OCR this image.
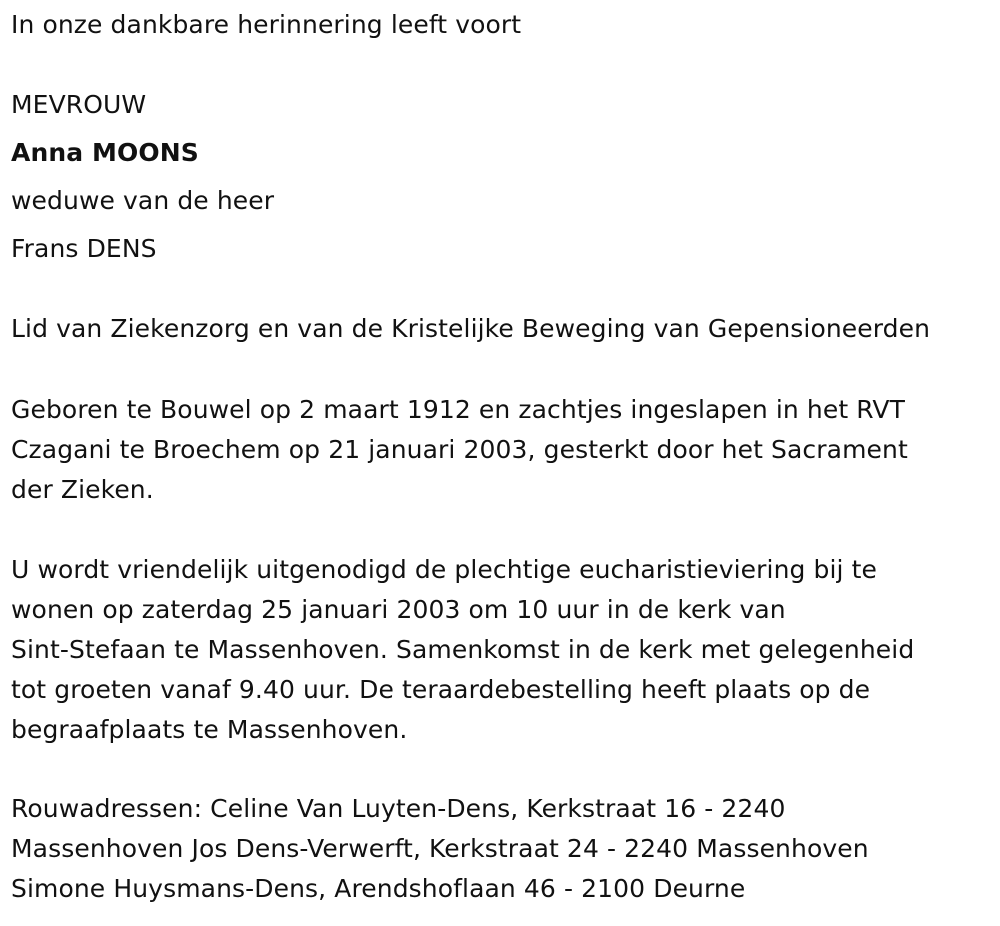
In onze dankbare herinnering leeft voort
MEVROUW
Anna MOONS
weduwe van de heer
Frans DENS
Lid van Ziekenzorg en van de Kristelijke Beweging van Gepensioneerden
Geboren te Bouwel op 2 maart 1912 en zachtjes ingeslapen in het RVT
Czagani te Broechem op 21 januari 2003, gesterkt door het Sacrament
der Zieken.
U wordt vriendelijk uitgenodigd de plechtige eucharistieviering bij te
wonen op zaterdag 25 januari 2003 om 10 uur in de kerk van
Sint-Stefaan te Massenhoven. Samenkomst in de kerk met gelegenheid
tot groeten vanaf 9.40 uur. De teraardebestelling heeft plaats op de
begraafplaats te Massenhoven.
Rouwadressen: Celine Van Luyten-Dens, Kerkstraat 16 - 2240
Massenhoven Jos Dens-Verwerft, Kerkstraat 24 - 2240 Massenhoven
Simone Huysmans-Dens, Arendshoflaan 46 - 2100 Deurne
